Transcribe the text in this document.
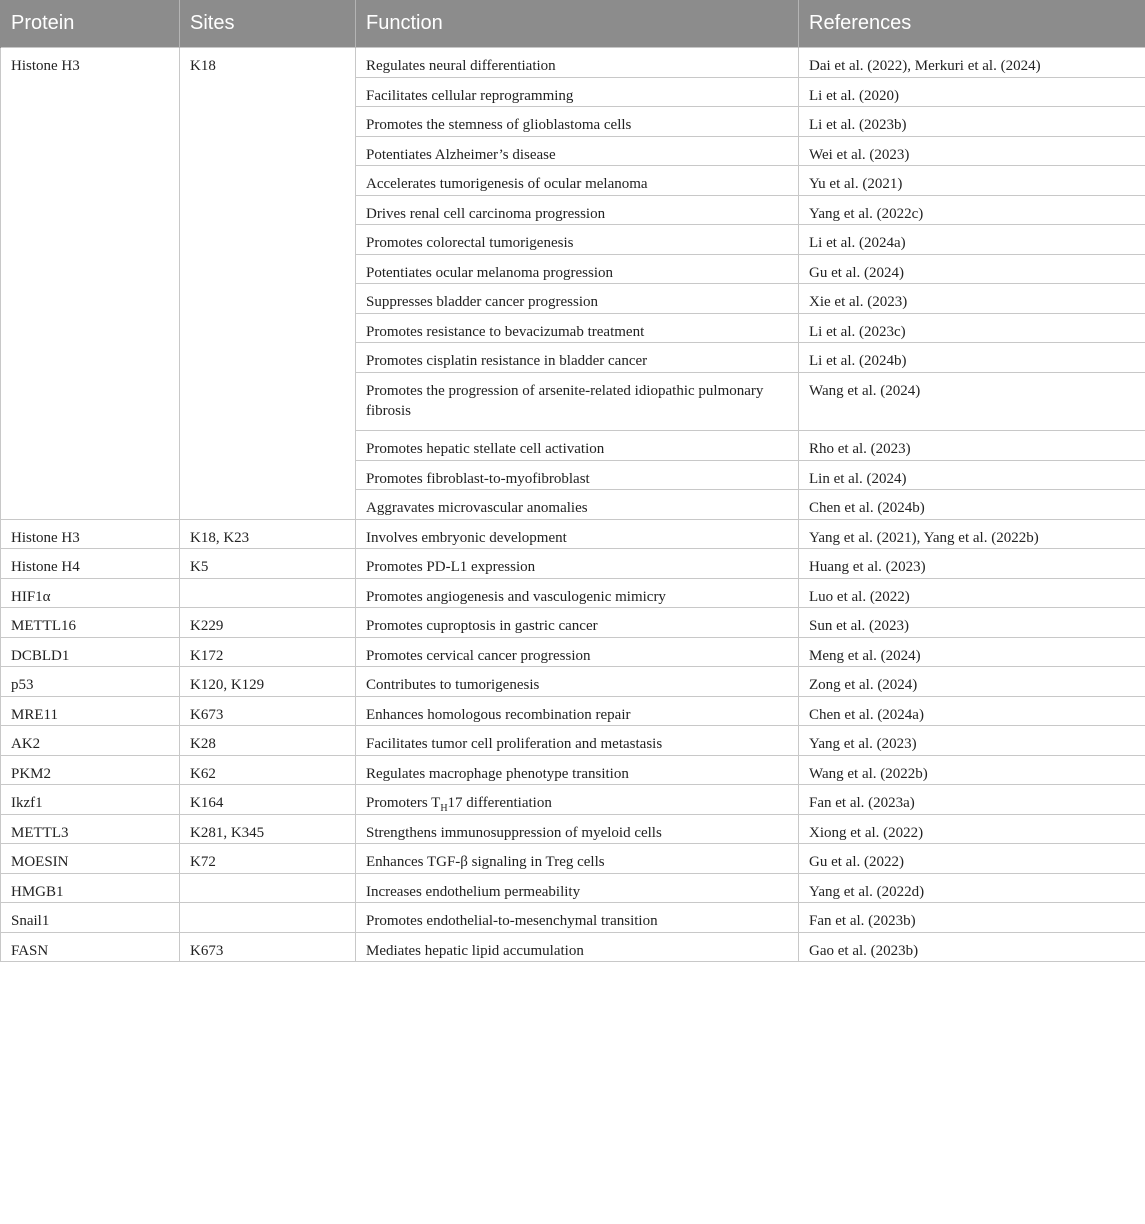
Protein	Sites	Function	References
Histone H3	K18	Regulates neural differentiation	Dai et al. (2022), Merkuri et al. (2024)
		Facilitates cellular reprogramming	Li et al. (2020)
		Promotes the stemness of glioblastoma cells	Li et al. (2023b)
		Potentiates Alzheimer’s disease	Wei et al. (2023)
		Accelerates tumorigenesis of ocular melanoma	Yu et al. (2021)
		Drives renal cell carcinoma progression	Yang et al. (2022c)
		Promotes colorectal tumorigenesis	Li et al. (2024a)
		Potentiates ocular melanoma progression	Gu et al. (2024)
		Suppresses bladder cancer progression	Xie et al. (2023)
		Promotes resistance to bevacizumab treatment	Li et al. (2023c)
		Promotes cisplatin resistance in bladder cancer	Li et al. (2024b)
		Promotes the progression of arsenite-related idiopathic pulmonary fibrosis	Wang et al. (2024)
		Promotes hepatic stellate cell activation	Rho et al. (2023)
		Promotes fibroblast-to-myofibroblast	Lin et al. (2024)
		Aggravates microvascular anomalies	Chen et al. (2024b)
Histone H3	K18, K23	Involves embryonic development	Yang et al. (2021), Yang et al. (2022b)
Histone H4	K5	Promotes PD-L1 expression	Huang et al. (2023)
HIF1α		Promotes angiogenesis and vasculogenic mimicry	Luo et al. (2022)
METTL16	K229	Promotes cuproptosis in gastric cancer	Sun et al. (2023)
DCBLD1	K172	Promotes cervical cancer progression	Meng et al. (2024)
p53	K120, K129	Contributes to tumorigenesis	Zong et al. (2024)
MRE11	K673	Enhances homologous recombination repair	Chen et al. (2024a)
AK2	K28	Facilitates tumor cell proliferation and metastasis	Yang et al. (2023)
PKM2	K62	Regulates macrophage phenotype transition	Wang et al. (2022b)
Ikzf1	K164	Promoters $T_H17$ differentiation	Fan et al. (2023a)
METTL3	K281, K345	Strengthens immunosuppression of myeloid cells	Xiong et al. (2022)
MOESIN	K72	Enhances TGF-β signaling in Treg cells	Gu et al. (2022)
HMGB1		Increases endothelium permeability	Yang et al. (2022d)
Snail1		Promotes endothelial-to-mesenchymal transition	Fan et al. (2023b)
FASN	K673	Mediates hepatic lipid accumulation	Gao et al. (2023b)
